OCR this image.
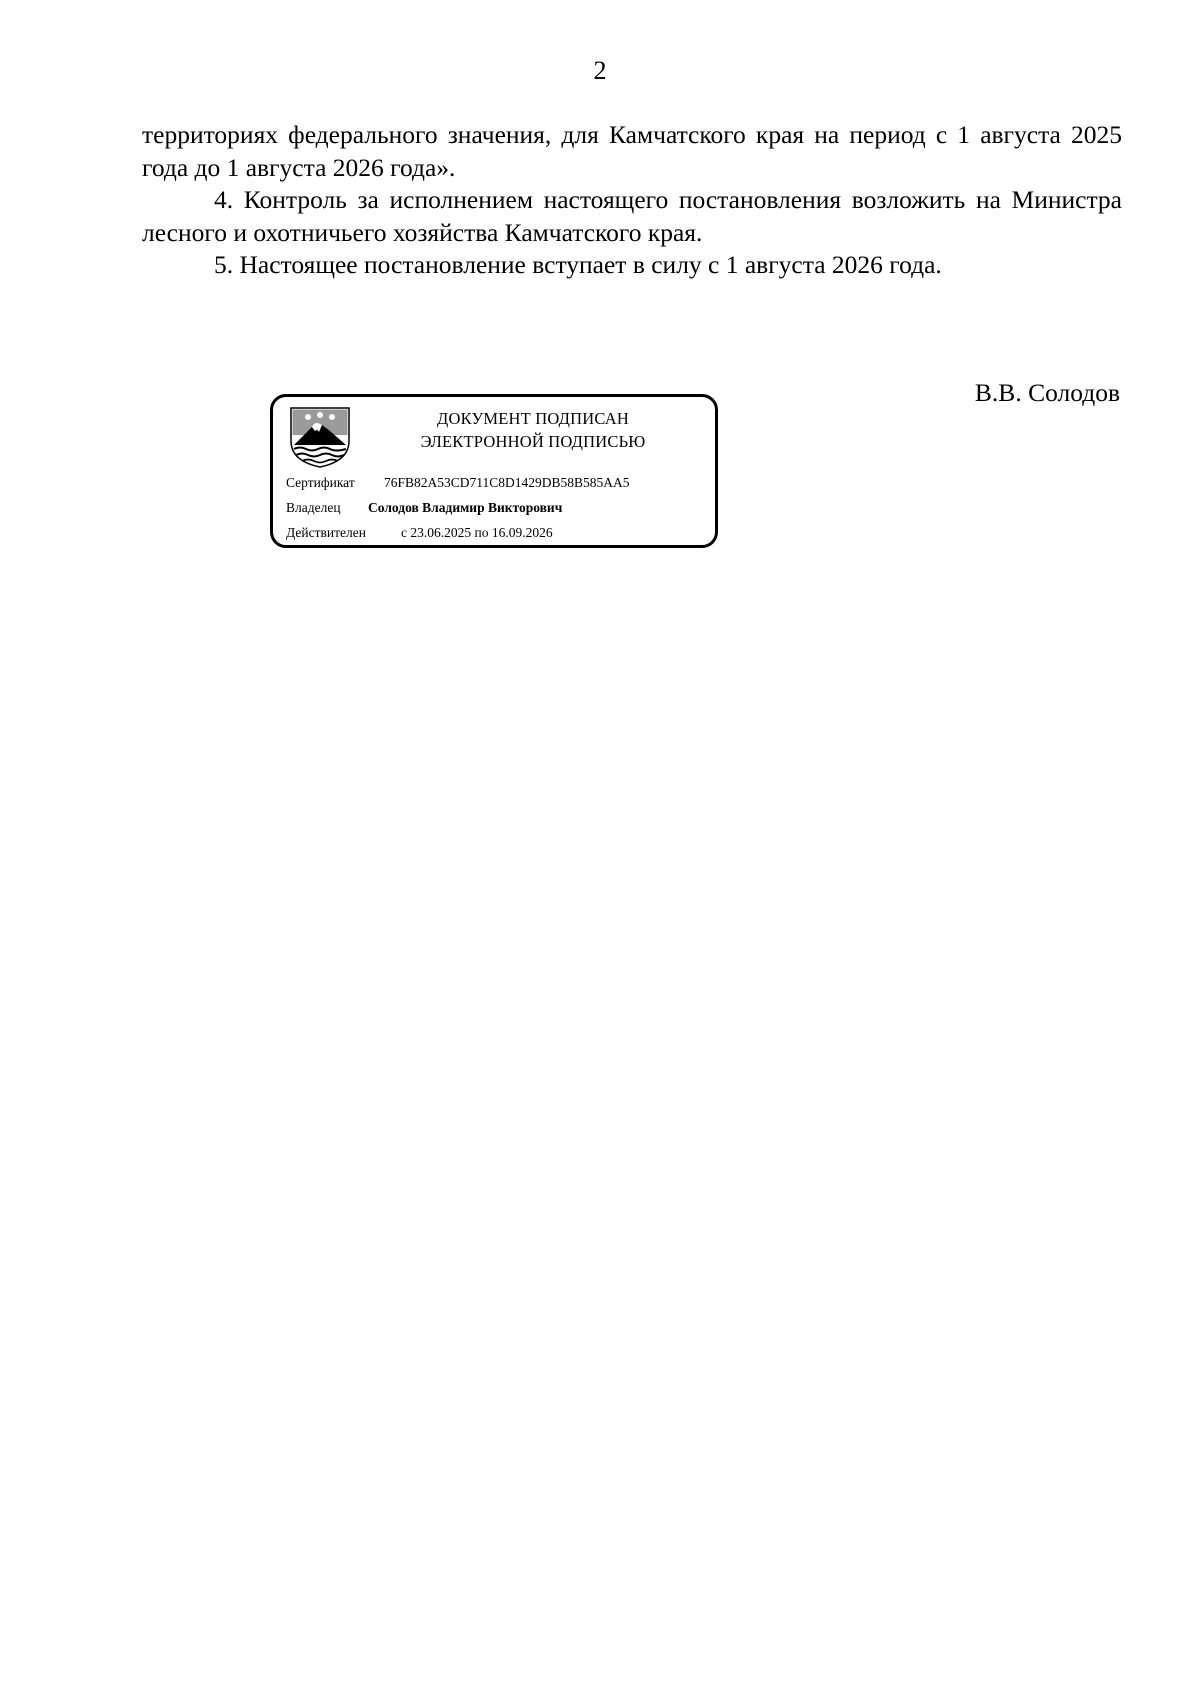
2

территориях федерального значения, для Камчатского края на период с 1 августа 2025 года до 1 августа 2026 года».

4. Контроль за исполнением настоящего постановления возложить на Министра лесного и охотничьего хозяйства Камчатского края.

5. Настоящее постановление вступает в силу с 1 августа 2026 года.

ДОКУМЕНТ ПОДПИСАН
ЭЛЕКТРОННОЙ ПОДПИСЬЮ
Сертификат 76FB82A53CD711C8D1429DB58B585AA5
Владелец Солодов Владимир Викторович
Действителен	с 23.06.2025 по 16.09.2026
В.В. Солодов
